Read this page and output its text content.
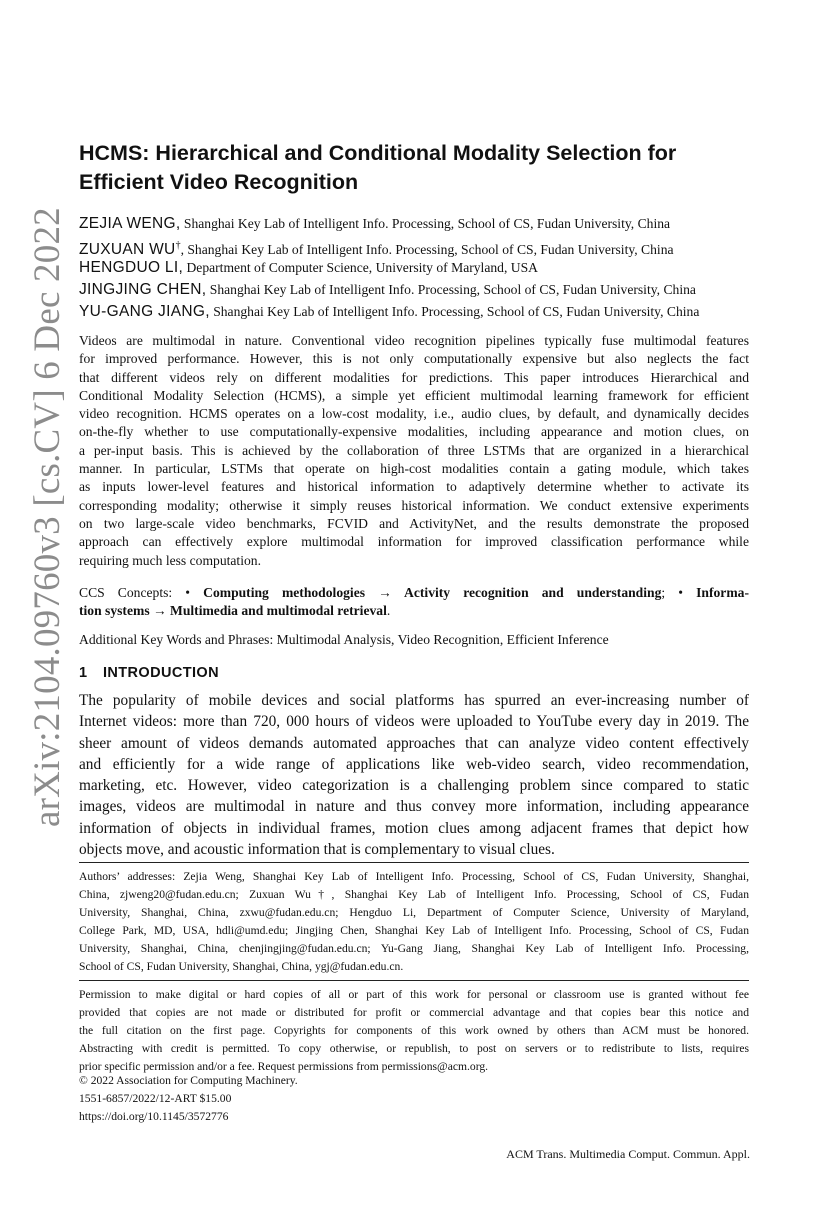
arXiv:2104.09760v3 [cs.CV] 6 Dec 2022
HCMS: Hierarchical and Conditional Modality Selection for
Efficient Video Recognition
ZEJIA WENG, Shanghai Key Lab of Intelligent Info. Processing, School of CS, Fudan University, China
ZUXUAN WU†, Shanghai Key Lab of Intelligent Info. Processing, School of CS, Fudan University, China
HENGDUO LI, Department of Computer Science, University of Maryland, USA
JINGJING CHEN, Shanghai Key Lab of Intelligent Info. Processing, School of CS, Fudan University, China
YU-GANG JIANG, Shanghai Key Lab of Intelligent Info. Processing, School of CS, Fudan University, China
Videos are multimodal in nature. Conventional video recognition pipelines typically fuse multimodal features
for improved performance. However, this is not only computationally expensive but also neglects the fact
that different videos rely on different modalities for predictions. This paper introduces Hierarchical and
Conditional Modality Selection (HCMS), a simple yet efficient multimodal learning framework for efficient
video recognition. HCMS operates on a low-cost modality, i.e., audio clues, by default, and dynamically decides
on-the-fly whether to use computationally-expensive modalities, including appearance and motion clues, on
a per-input basis. This is achieved by the collaboration of three LSTMs that are organized in a hierarchical
manner. In particular, LSTMs that operate on high-cost modalities contain a gating module, which takes
as inputs lower-level features and historical information to adaptively determine whether to activate its
corresponding modality; otherwise it simply reuses historical information. We conduct extensive experiments
on two large-scale video benchmarks, FCVID and ActivityNet, and the results demonstrate the proposed
approach can effectively explore multimodal information for improved classification performance while
requiring much less computation.
CCS Concepts: • Computing methodologies → Activity recognition and understanding; • Informa-
tion systems → Multimedia and multimodal retrieval.
Additional Key Words and Phrases: Multimodal Analysis, Video Recognition, Efficient Inference
1 INTRODUCTION
The popularity of mobile devices and social platforms has spurred an ever-increasing number of
Internet videos: more than 720, 000 hours of videos were uploaded to YouTube every day in 2019. The
sheer amount of videos demands automated approaches that can analyze video content effectively
and efficiently for a wide range of applications like web-video search, video recommendation,
marketing, etc. However, video categorization is a challenging problem since compared to static
images, videos are multimodal in nature and thus convey more information, including appearance
information of objects in individual frames, motion clues among adjacent frames that depict how
objects move, and acoustic information that is complementary to visual clues.
Authors’ addresses: Zejia Weng, Shanghai Key Lab of Intelligent Info. Processing, School of CS, Fudan University, Shanghai,
China, zjweng20@fudan.edu.cn; Zuxuan Wu†, Shanghai Key Lab of Intelligent Info. Processing, School of CS, Fudan
University, Shanghai, China, zxwu@fudan.edu.cn; Hengduo Li, Department of Computer Science, University of Maryland,
College Park, MD, USA, hdli@umd.edu; Jingjing Chen, Shanghai Key Lab of Intelligent Info. Processing, School of CS, Fudan
University, Shanghai, China, chenjingjing@fudan.edu.cn; Yu-Gang Jiang, Shanghai Key Lab of Intelligent Info. Processing,
School of CS, Fudan University, Shanghai, China, ygj@fudan.edu.cn.
Permission to make digital or hard copies of all or part of this work for personal or classroom use is granted without fee
provided that copies are not made or distributed for profit or commercial advantage and that copies bear this notice and
the full citation on the first page. Copyrights for components of this work owned by others than ACM must be honored.
Abstracting with credit is permitted. To copy otherwise, or republish, to post on servers or to redistribute to lists, requires
prior specific permission and/or a fee. Request permissions from permissions@acm.org.
© 2022 Association for Computing Machinery.
1551-6857/2022/12-ART $15.00
https://doi.org/10.1145/3572776
ACM Trans. Multimedia Comput. Commun. Appl.
